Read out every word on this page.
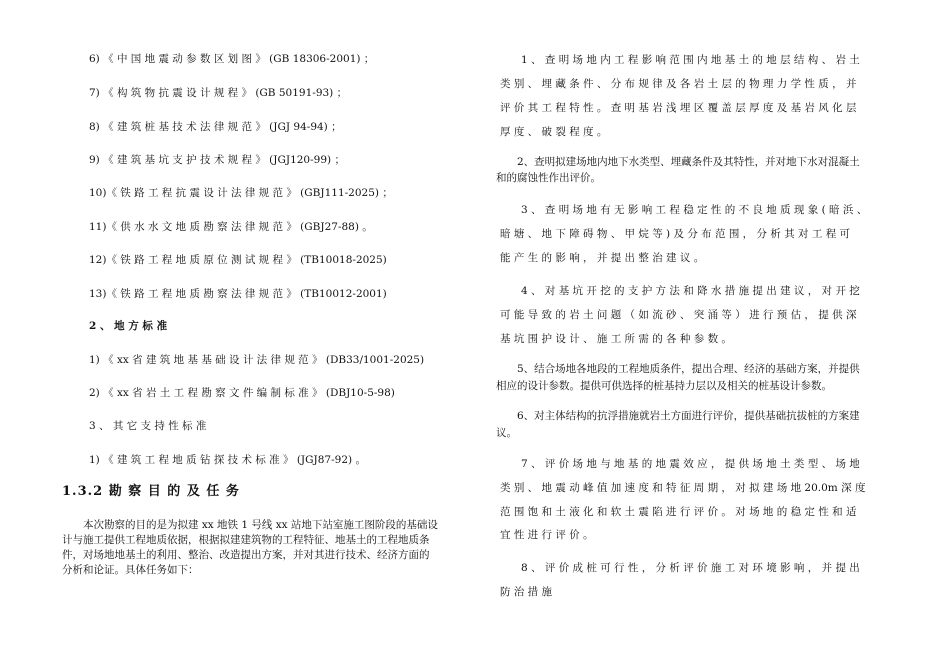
6) 《 中 国 地 震 动 参 数 区 划 图 》 (GB 18306-2001) ；
7) 《 构 筑 物 抗 震 设 计 规 程 》 (GB 50191-93) ；
8) 《 建 筑 桩 基 技 术 法 律 规 范 》 (JGJ 94-94) ；
9) 《 建 筑 基 坑 支 护 技 术 规 程 》 (JGJ120-99) ；
10)《 铁 路 工 程 抗 震 设 计 法 律 规 范 》 (GBJ111-2025) ；
11)《 供 水 水 文 地 质 勘 察 法 律 规 范 》 (GBJ27-88) 。
12)《 铁 路 工 程 地 质 原 位 测 试 规 程 》 (TB10018-2025)
13)《 铁 路 工 程 地 质 勘 察 法 律 规 范 》 (TB10012-2001)
2 、 地 方 标 准
1) 《 xx 省 建 筑 地 基 基 础 设 计 法 律 规 范 》 (DB33/1001-2025)
2) 《 xx 省 岩 土 工 程 勘 察 文 件 编 制 标 准 》 (DBJ10-5-98)
3 、 其 它 支 持 性 标 准
1) 《 建 筑 工 程 地 质 钻 探 技 术 标 准 》 (JGJ87-92) 。
1.3.2 勘 察 目 的 及 任 务
本次勘察的目的是为拟建 xx 地铁 1 号线 xx 站地下站室施工图阶段的基础设
计与施工提供工程地质依据，根据拟建建筑物的工程特征、地基土的工程地质条
件，对场地地基土的利用、整治、改造提出方案，并对其进行技术、经济方面的
分析和论证。具体任务如下：
1 、 查 明 场 地 内 工 程 影 响 范 围 内 地 基 土 的 地 层 结 构 、 岩 土
类 别 、 埋 藏 条 件 、 分 布 规 律 及 各 岩 土 层 的 物 理 力 学 性 质 ， 并
评 价 其 工 程 特 性 。 查 明 基 岩 浅 埋 区 覆 盖 层 厚 度 及 基 岩 风 化 层
厚 度 、 破 裂 程 度 。
2、查明拟建场地内地下水类型、埋藏条件及其特性，并对地下水对混凝土
和的腐蚀性作出评价。
3 、 查 明 场 地 有 无 影 响 工 程 稳 定 性 的 不 良 地 质 现 象 ( 暗 浜 、
暗 塘 、 地 下 障 碍 物 、 甲 烷 等 ) 及 分 布 范 围 ， 分 析 其 对 工 程 可
能 产 生 的 影 响 ， 并 提 出 整 治 建 议 。
4 、 对 基 坑 开 挖 的 支 护 方 法 和 降 水 措 施 提 出 建 议 ， 对 开 挖
可 能 导 致 的 岩 土 问 题 （ 如 流 砂 、 突 涌 等 ） 进 行 预 估 ， 提 供 深
基 坑 围 护 设 计 、 施 工 所 需 的 各 种 参 数 。
5、结合场地各地段的工程地质条件，提出合理、经济的基础方案，并提供
相应的设计参数。提供可供选择的桩基持力层以及相关的桩基设计参数。
6、对主体结构的抗浮措施就岩土方面进行评价，提供基础抗拔桩的方案建
议。
7 、 评 价 场 地 与 地 基 的 地 震 效 应 ， 提 供 场 地 土 类 型 、 场 地
类 别 、 地 震 动 峰 值 加 速 度 和 特 征 周 期 ， 对 拟 建 场 地 20.0m 深 度
范 围 饱 和 土 液 化 和 软 土 震 陷 进 行 评 价 。 对 场 地 的 稳 定 性 和 适
宜 性 进 行 评 价 。
8 、 评 价 成 桩 可 行 性 ， 分 析 评 价 施 工 对 环 境 影 响 ， 并 提 出
防 治 措 施
